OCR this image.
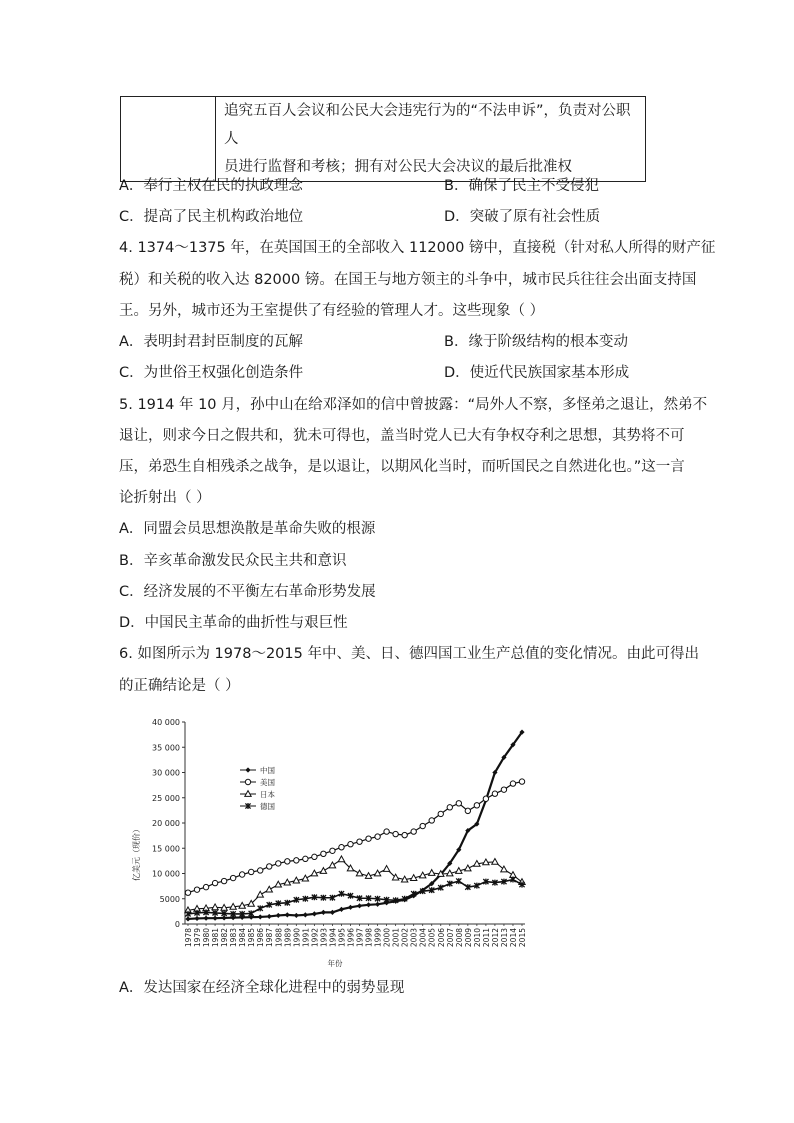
追究五百人会议和公民大会违宪行为的“不法申诉”，负责对公职人
员进行监督和考核；拥有对公民大会决议的最后批准权
A．奉行主权在民的执政理念	B．确保了民主不受侵犯
C．提高了民主机构政治地位	D．突破了原有社会性质
4. 1374～1375 年，在英国国王的全部收入 112000 镑中，直接税（针对私人所得的财产征
税）和关税的收入达 82000 镑。在国王与地方领主的斗争中，城市民兵往往会出面支持国
王。另外，城市还为王室提供了有经验的管理人才。这些现象（ ）
A．表明封君封臣制度的瓦解	B．缘于阶级结构的根本变动
C．为世俗王权强化创造条件	D．使近代民族国家基本形成
5. 1914 年 10 月，孙中山在给邓泽如的信中曾披露：“局外人不察，多怪弟之退让，然弟不
退让，则求今日之假共和，犹未可得也，盖当时党人已大有争权夺利之思想，其势将不可
压，弟恐生自相残杀之战争，是以退让，以期风化当时，而听国民之自然进化也。”这一言
论折射出（ ）
A．同盟会员思想涣散是革命失败的根源
B．辛亥革命激发民众民主共和意识
C．经济发展的不平衡左右革命形势发展
D．中国民主革命的曲折性与艰巨性
6. 如图所示为 1978～2015 年中、美、日、德四国工业生产总值的变化情况。由此可得出
的正确结论是（ ）
0
5000
10 000
15 000
20 000
25 000
30 000
35 000
40 000
1978 1979 1980 1981 1982 1983 1984 1985 1986 1987 1988 1989 1990 1991 1992 1993 1994 1995 1996 1997 1998 1999 2000 2001 2002 2003 2004 2005 2006 2007 2008 2009 2010 2011 2012 2013 2014 2015
年份
亿美元（现价）
中国
美国
日本
德国
A．发达国家在经济全球化进程中的弱势显现
